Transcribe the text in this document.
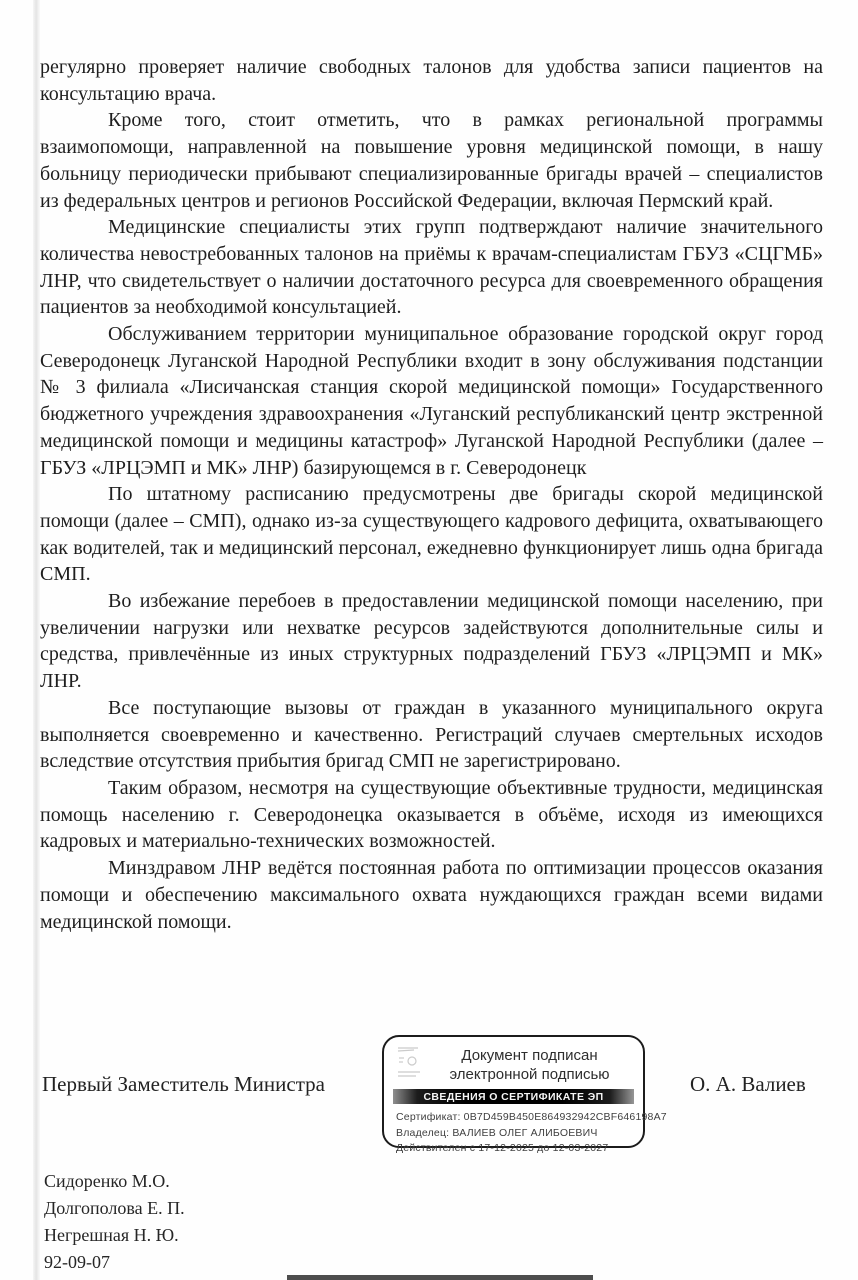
регулярно проверяет наличие свободных талонов для удобства записи пациентов на консультацию врача.

Кроме того, стоит отметить, что в рамках региональной программы взаимопомощи, направленной на повышение уровня медицинской помощи, в нашу больницу периодически прибывают специализированные бригады врачей – специалистов из федеральных центров и регионов Российской Федерации, включая Пермский край.

Медицинские специалисты этих групп подтверждают наличие значительного количества невостребованных талонов на приёмы к врачам-специалистам ГБУЗ «СЦГМБ» ЛНР, что свидетельствует о наличии достаточного ресурса для своевременного обращения пациентов за необходимой консультацией.

Обслуживанием территории муниципальное образование городской округ город Северодонецк Луганской Народной Республики входит в зону обслуживания подстанции № 3 филиала «Лисичанская станция скорой медицинской помощи» Государственного бюджетного учреждения здравоохранения «Луганский республиканский центр экстренной медицинской помощи и медицины катастроф» Луганской Народной Республики (далее – ГБУЗ «ЛРЦЭМП и МК» ЛНР) базирующемся в г. Северодонецк

По штатному расписанию предусмотрены две бригады скорой медицинской помощи (далее – СМП), однако из-за существующего кадрового дефицита, охватывающего как водителей, так и медицинский персонал, ежедневно функционирует лишь одна бригада СМП.

Во избежание перебоев в предоставлении медицинской помощи населению, при увеличении нагрузки или нехватке ресурсов задействуются дополнительные силы и средства, привлечённые из иных структурных подразделений ГБУЗ «ЛРЦЭМП и МК» ЛНР.

Все поступающие вызовы от граждан в указанного муниципального округа выполняется своевременно и качественно. Регистраций случаев смертельных исходов вследствие отсутствия прибытия бригад СМП не зарегистрировано.

Таким образом, несмотря на существующие объективные трудности, медицинская помощь населению г. Северодонецка оказывается в объёме, исходя из имеющихся кадровых и материально-технических возможностей.

Минздравом ЛНР ведётся постоянная работа по оптимизации процессов оказания помощи и обеспечению максимального охвата нуждающихся граждан всеми видами медицинской помощи.

Первый Заместитель Министра
Документ подписан
электронной подписью
СВЕДЕНИЯ О СЕРТИФИКАТЕ ЭП
Сертификат: 0B7D459B450E864932942CBF646198A7
Владелец: ВАЛИЕВ ОЛЕГ АЛИБОЕВИЧ
Действителен с 17-12-2025 до 12-03-2027
О. А. Валиев
Сидоренко М.О.
Долгополова Е. П.
Негрешная Н. Ю.
92-09-07
